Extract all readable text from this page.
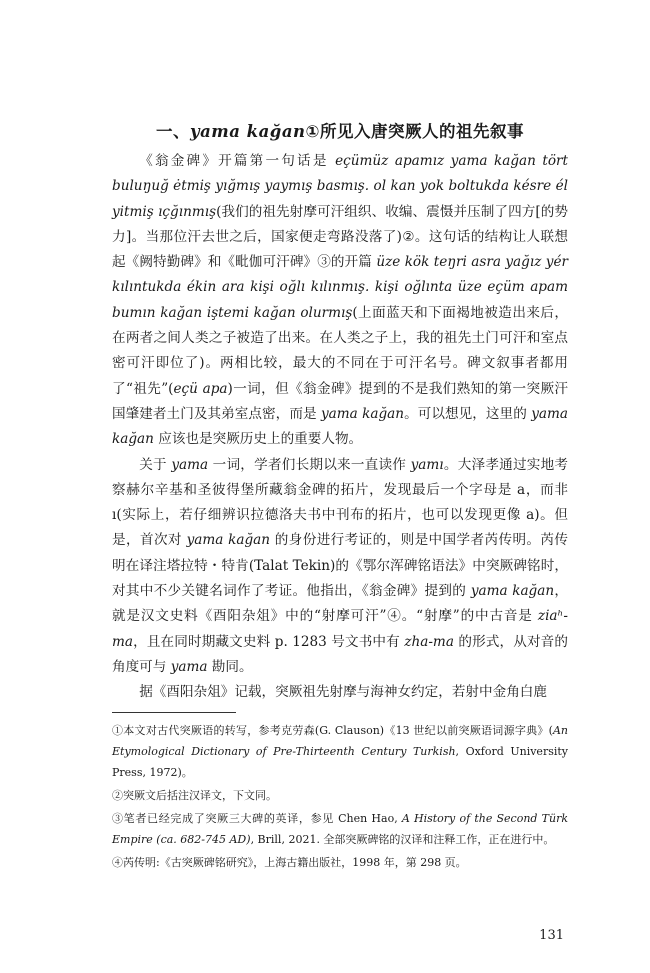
一、yama kağan①所见入唐突厥人的祖先叙事

《翁金碑》开篇第一句话是 eçümüz apamız yama kağan tört buluŋuğ ėtmiş yığmış yaymış basmış. ol kan yok boltukda késre él yitmiş ıçğınmış(我们的祖先射摩可汗组织、收编、震慑并压制了四方[的势力]。当那位汗去世之后，国家便走弯路没落了)②。这句话的结构让人联想起《阙特勤碑》和《毗伽可汗碑》③的开篇 üze kök teŋri asra yağız yér kılıntukda ékin ara kişi oğlı kılınmış. kişi oğlıntа üze eçüm apam bumın kağan iştemi kağan olurmış(上面蓝天和下面褐地被造出来后，在两者之间人类之子被造了出来。在人类之子上，我的祖先土门可汗和室点密可汗即位了)。两相比较，最大的不同在于可汗名号。碑文叙事者都用了“祖先”(eçü apa)一词，但《翁金碑》提到的不是我们熟知的第一突厥汗国肇建者土门及其弟室点密，而是 yama kağan。可以想见，这里的 yama kağan 应该也是突厥历史上的重要人物。

关于 yama 一词，学者们长期以来一直读作 yamı。大泽孝通过实地考察赫尔辛基和圣彼得堡所藏翁金碑的拓片，发现最后一个字母是 a，而非 ı(实际上，若仔细辨识拉德洛夫书中刊布的拓片，也可以发现更像 a)。但是，首次对 yama kağan 的身份进行考证的，则是中国学者芮传明。芮传明在译注塔拉特・特肯(Talat Tekin)的《鄂尔浑碑铭语法》中突厥碑铭时，对其中不少关键名词作了考证。他指出，《翁金碑》提到的 yama kağan，就是汉文史料《酉阳杂俎》中的“射摩可汗”④。“射摩”的中古音是 ziaʰ-ma，且在同时期藏文史料 p. 1283 号文书中有 zha-ma 的形式，从对音的角度可与 yama 勘同。

据《酉阳杂俎》记载，突厥祖先射摩与海神女约定，若射中金角白鹿

①本文对古代突厥语的转写，参考克劳森(G. Clauson)《13 世纪以前突厥语词源字典》(An Etymological Dictionary of Pre-Thirteenth Century Turkish, Oxford University Press, 1972)。

②突厥文后括注汉译文，下文同。

③笔者已经完成了突厥三大碑的英译，参见 Chen Hao, A History of the Second Türk Empire (ca. 682-745 AD), Brill, 2021. 全部突厥碑铭的汉译和注释工作，正在进行中。

④芮传明:《古突厥碑铭研究》，上海古籍出版社，1998 年，第 298 页。

131
